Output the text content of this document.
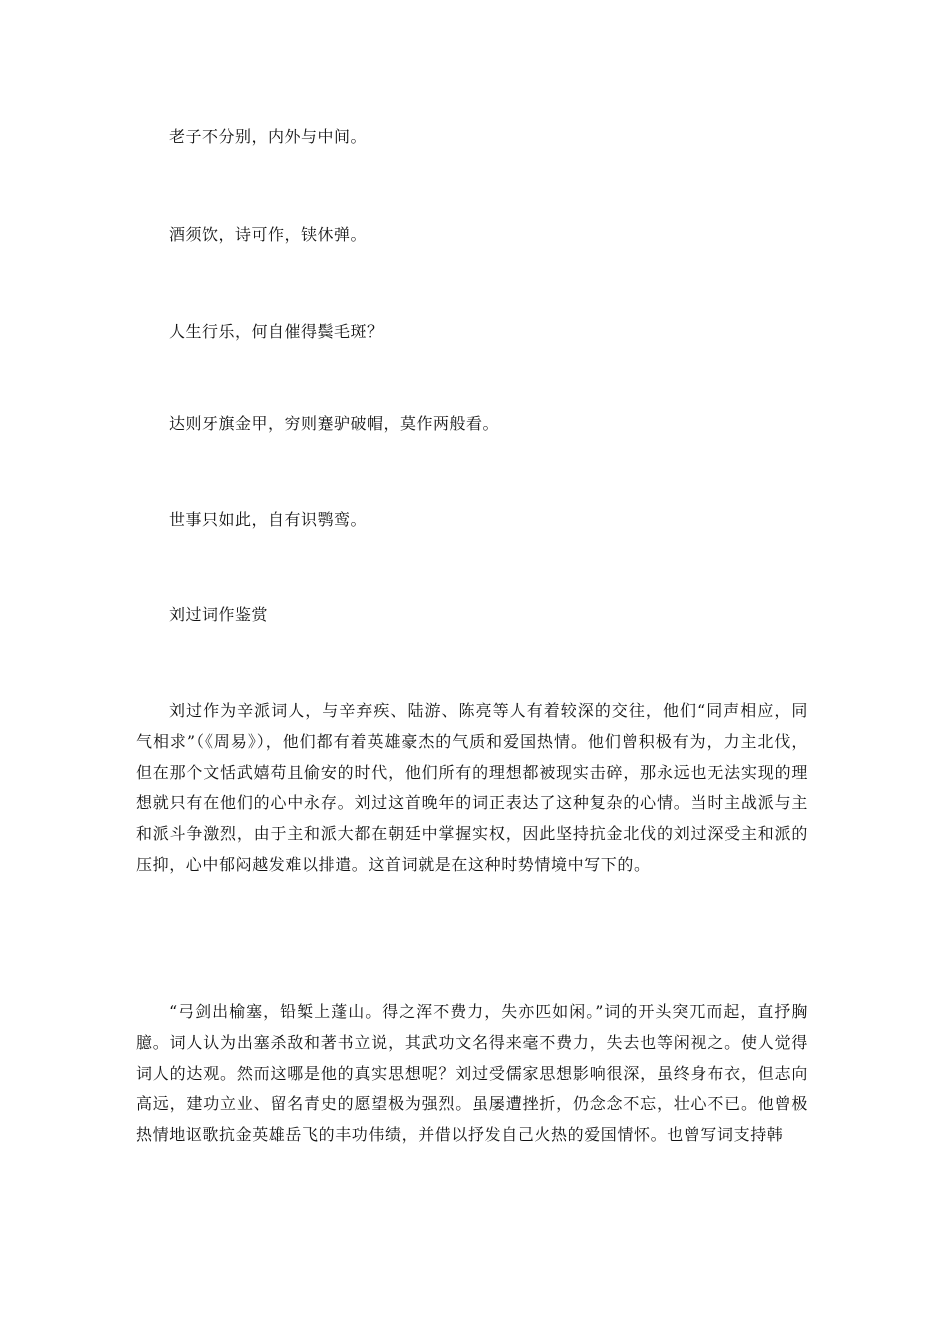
老子不分别，内外与中间。
酒须饮，诗可作，铗休弹。
人生行乐，何自催得鬓毛斑？
达则牙旗金甲，穷则蹇驴破帽，莫作两般看。
世事只如此，自有识鹗鸾。
刘过词作鉴赏

刘过作为辛派词人，与辛弃疾、陆游、陈亮等人有着较深的交往，他们“同声相应，同气相求”（《周易》），他们都有着英雄豪杰的气质和爱国热情。他们曾积极有为，力主北伐，但在那个文恬武嬉苟且偷安的时代，他们所有的理想都被现实击碎，那永远也无法实现的理想就只有在他们的心中永存。刘过这首晚年的词正表达了这种复杂的心情。当时主战派与主和派斗争激烈，由于主和派大都在朝廷中掌握实权，因此坚持抗金北伐的刘过深受主和派的压抑，心中郁闷越发难以排遣。这首词就是在这种时势情境中写下的。

“弓剑出榆塞，铅椠上蓬山。得之浑不费力，失亦匹如闲。”词的开头突兀而起，直抒胸臆。词人认为出塞杀敌和著书立说，其武功文名得来毫不费力，失去也等闲视之。使人觉得词人的达观。然而这哪是他的真实思想呢？刘过受儒家思想影响很深，虽终身布衣，但志向高远，建功立业、留名青史的愿望极为强烈。虽屡遭挫折，仍念念不忘，壮心不已。他曾极热情地讴歌抗金英雄岳飞的丰功伟绩，并借以抒发自己火热的爱国情怀。也曾写词支持韩
